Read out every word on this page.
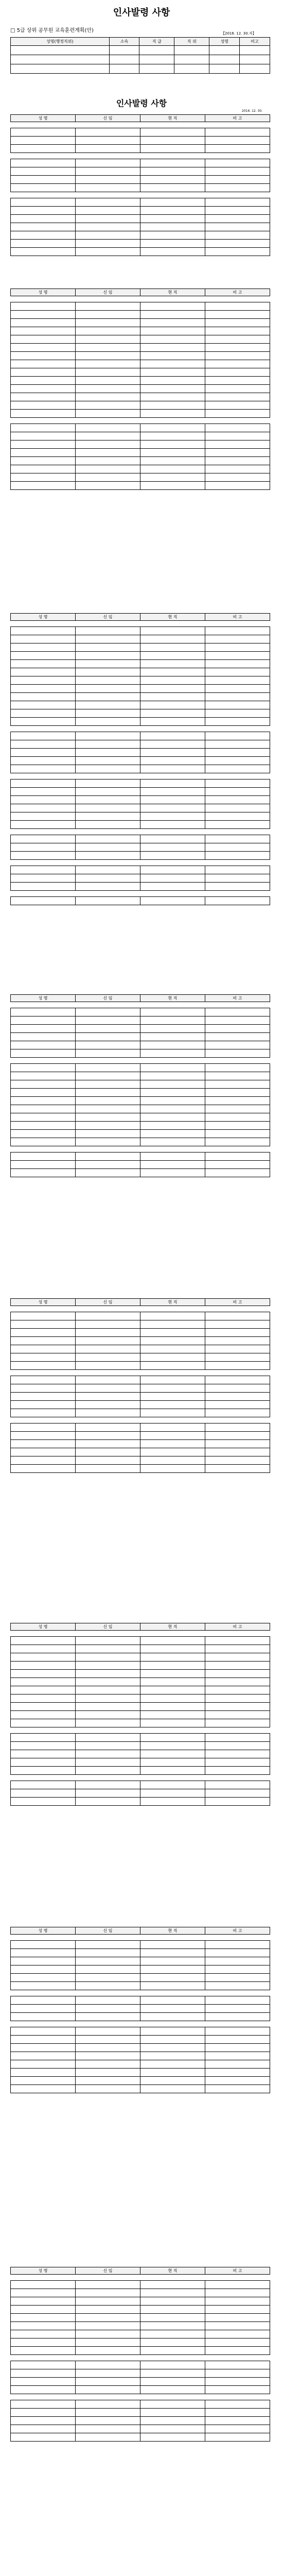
인사발령 사항
□ 5급 상위 공무원 교육훈련계획(안)	【2016. 12. 30.자】
성명(행정직위)	소속	직 급	직 위	성명	비고

인사발령 사항
2016. 12. 30.
성 명	신 임	현 직	비 고

성 명	신 임	현 직	비 고

성 명	신 임	현 직	비 고

성 명	신 임	현 직	비 고

성 명	신 임	현 직	비 고

성 명	신 임	현 직	비 고

성 명	신 임	현 직	비 고

성 명	신 임	현 직	비 고
